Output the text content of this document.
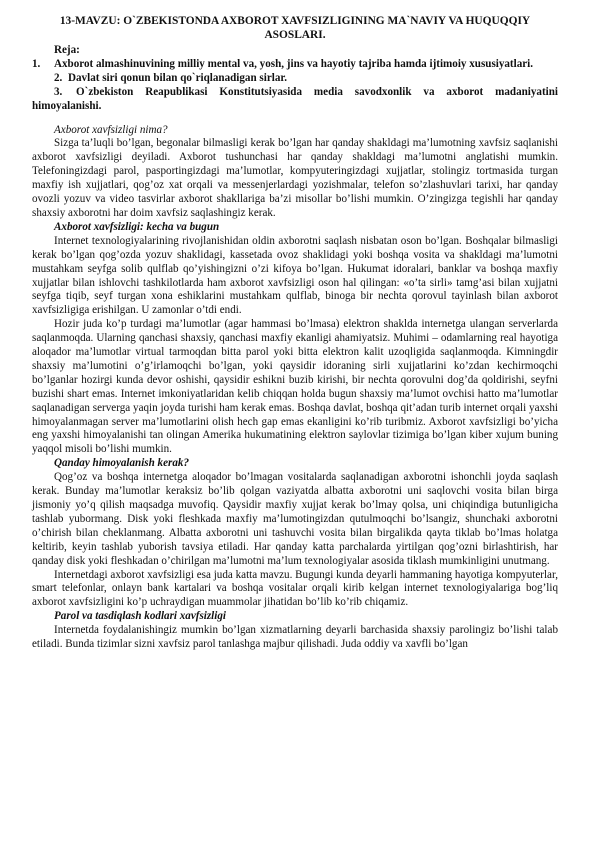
13-MAVZU: O`ZBEKISTONDA AXBOROT XAVFSIZLIGINING MA`NAVIY VA HUQUQQIY ASOSLARI.
Reja:
1. Axborot almashinuvining milliy mental va, yosh, jins va hayotiy tajriba hamda ijtimoiy xususiyatlari.
2. Davlat siri qonun bilan qo`riqlanadigan sirlar.
3. O`zbekiston Reapublikasi Konstitutsiyasida media savodxonlik va axborot madaniyatini himoyalanishi.
Axborot xavfsizligi nima?

Sizga ta’luqli bo’lgan, begonalar bilmasligi kerak bo’lgan har qanday shakldagi ma’lumotning xavfsiz saqlanishi axborot xavfsizligi deyiladi. Axborot tushunchasi har qanday shakldagi ma’lumotni anglatishi mumkin. Telefoningizdagi parol, pasportingizdagi ma’lumotlar, kompyuteringizdagi xujjatlar, stolingiz tortmasida turgan maxfiy ish xujjatlari, qog’oz xat orqali va messenjerlardagi yozishmalar, telefon so’zlashuvlari tarixi, har qanday ovozli yozuv va video tasvirlar axborot shakllariga ba’zi misollar bo’lishi mumkin. O’zingizga tegishli har qanday shaxsiy axborotni har doim xavfsiz saqlashingiz kerak.

Axborot xavfsizligi: kecha va bugun

Internet texnologiyalarining rivojlanishidan oldin axborotni saqlash nisbatan oson bo’lgan. Boshqalar bilmasligi kerak bo’lgan qog’ozda yozuv shaklidagi, kassetada ovoz shaklidagi yoki boshqa vosita va shakldagi ma’lumotni mustahkam seyfga solib qulflab qo’yishingizni o’zi kifoya bo’lgan. Hukumat idoralari, banklar va boshqa maxfiy xujjatlar bilan ishlovchi tashkilotlarda ham axborot xavfsizligi oson hal qilingan: «o’ta sirli» tamg’asi bilan xujjatni seyfga tiqib, seyf turgan xona eshiklarini mustahkam qulflab, binoga bir nechta qorovul tayinlash bilan axborot xavfsizligiga erishilgan. U zamonlar o’tdi endi.

Hozir juda ko’p turdagi ma’lumotlar (agar hammasi bo’lmasa) elektron shaklda internetga ulangan serverlarda saqlanmoqda. Ularning qanchasi shaxsiy, qanchasi maxfiy ekanligi ahamiyatsiz. Muhimi – odamlarning real hayotiga aloqador ma’lumotlar virtual tarmoqdan bitta parol yoki bitta elektron kalit uzoqligida saqlanmoqda. Kimningdir shaxsiy ma’lumotini o’g’irlamoqchi bo’lgan, yoki qaysidir idoraning sirli xujjatlarini ko’zdan kechirmoqchi bo’lganlar hozirgi kunda devor oshishi, qaysidir eshikni buzib kirishi, bir nechta qorovulni dog’da qoldirishi, seyfni buzishi shart emas. Internet imkoniyatlaridan kelib chiqqan holda bugun shaxsiy ma’lumot ovchisi hatto ma’lumotlar saqlanadigan serverga yaqin joyda turishi ham kerak emas. Boshqa davlat, boshqa qit’adan turib internet orqali yaxshi himoyalanmagan server ma’lumotlarini olish hech gap emas ekanligini ko’rib turibmiz. Axborot xavfsizligi bo’yicha eng yaxshi himoyalanishi tan olingan Amerika hukumatining elektron saylovlar tizimiga bo’lgan kiber xujum buning yaqqol misoli bo’lishi mumkin.

Qanday himoyalanish kerak?

Qog’oz va boshqa internetga aloqador bo’lmagan vositalarda saqlanadigan axborotni ishonchli joyda saqlash kerak. Bunday ma’lumotlar keraksiz bo’lib qolgan vaziyatda albatta axborotni uni saqlovchi vosita bilan birga jismoniy yo’q qilish maqsadga muvofiq. Qaysidir maxfiy xujjat kerak bo’lmay qolsa, uni chiqindiga butunligicha tashlab yubormang. Disk yoki fleshkada maxfiy ma’lumotingizdan qutulmoqchi bo’lsangiz, shunchaki axborotni o’chirish bilan cheklanmang. Albatta axborotni uni tashuvchi vosita bilan birgalikda qayta tiklab bo’lmas holatga keltirib, keyin tashlab yuborish tavsiya etiladi. Har qanday katta parchalarda yirtilgan qog’ozni birlashtirish, har qanday disk yoki fleshkadan o’chirilgan ma’lumotni ma’lum texnologiyalar asosida tiklash mumkinligini unutmang.

Internetdagi axborot xavfsizligi esa juda katta mavzu. Bugungi kunda deyarli hammaning hayotiga kompyuterlar, smart telefonlar, onlayn bank kartalari va boshqa vositalar orqali kirib kelgan internet texnologiyalariga bog’liq axborot xavfsizligini ko’p uchraydigan muammolar jihatidan bo’lib ko’rib chiqamiz.

Parol va tasdiqlash kodlari xavfsizligi

Internetda foydalanishingiz mumkin bo’lgan xizmatlarning deyarli barchasida shaxsiy parolingiz bo’lishi talab etiladi. Bunda tizimlar sizni xavfsiz parol tanlashga majbur qilishadi. Juda oddiy va xavfli bo’lgan
